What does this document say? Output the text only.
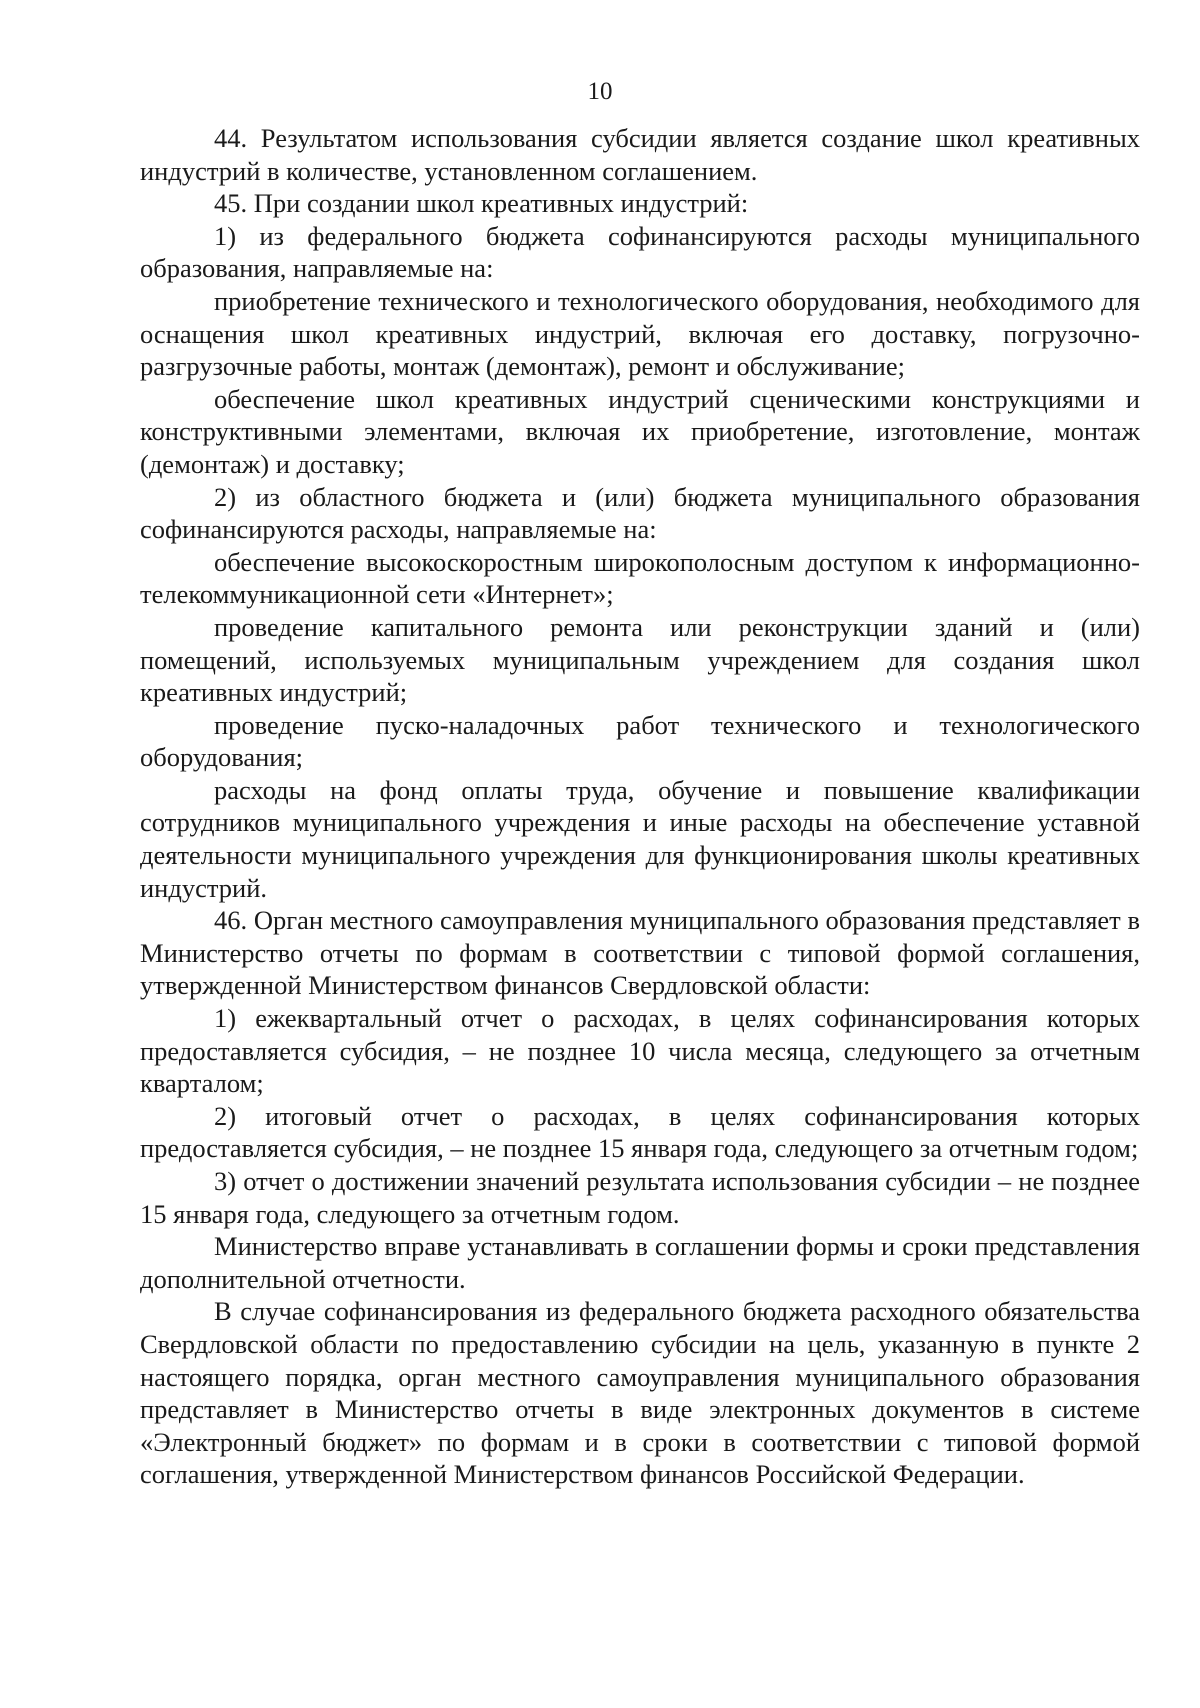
10

44. Результатом использования субсидии является создание школ креативных индустрий в количестве, установленном соглашением.

45. При создании школ креативных индустрий:

1) из федерального бюджета софинансируются расходы муниципального образования, направляемые на:

приобретение технического и технологического оборудования, необходимого для оснащения школ креативных индустрий, включая его доставку, погрузочно-разгрузочные работы, монтаж (демонтаж), ремонт и обслуживание;

обеспечение школ креативных индустрий сценическими конструкциями и конструктивными элементами, включая их приобретение, изготовление, монтаж (демонтаж) и доставку;

2) из областного бюджета и (или) бюджета муниципального образования софинансируются расходы, направляемые на:

обеспечение высокоскоростным широкополосным доступом к информационно-телекоммуникационной сети «Интернет»;

проведение капитального ремонта или реконструкции зданий и (или) помещений, используемых муниципальным учреждением для создания школ креативных индустрий;

проведение пуско-наладочных работ технического и технологического оборудования;

расходы на фонд оплаты труда, обучение и повышение квалификации сотрудников муниципального учреждения и иные расходы на обеспечение уставной деятельности муниципального учреждения для функционирования школы креативных индустрий.

46. Орган местного самоуправления муниципального образования представляет в Министерство отчеты по формам в соответствии с типовой формой соглашения, утвержденной Министерством финансов Свердловской области:

1) ежеквартальный отчет о расходах, в целях софинансирования которых предоставляется субсидия, – не позднее 10 числа месяца, следующего за отчетным кварталом;

2) итоговый отчет о расходах, в целях софинансирования которых предоставляется субсидия, – не позднее 15 января года, следующего за отчетным годом;

3) отчет о достижении значений результата использования субсидии – не позднее 15 января года, следующего за отчетным годом.

Министерство вправе устанавливать в соглашении формы и сроки представления дополнительной отчетности.

В случае софинансирования из федерального бюджета расходного обязательства Свердловской области по предоставлению субсидии на цель, указанную в пункте 2 настоящего порядка, орган местного самоуправления муниципального образования представляет в Министерство отчеты в виде электронных документов в системе «Электронный бюджет» по формам и в сроки в соответствии с типовой формой соглашения, утвержденной Министерством финансов Российской Федерации.
